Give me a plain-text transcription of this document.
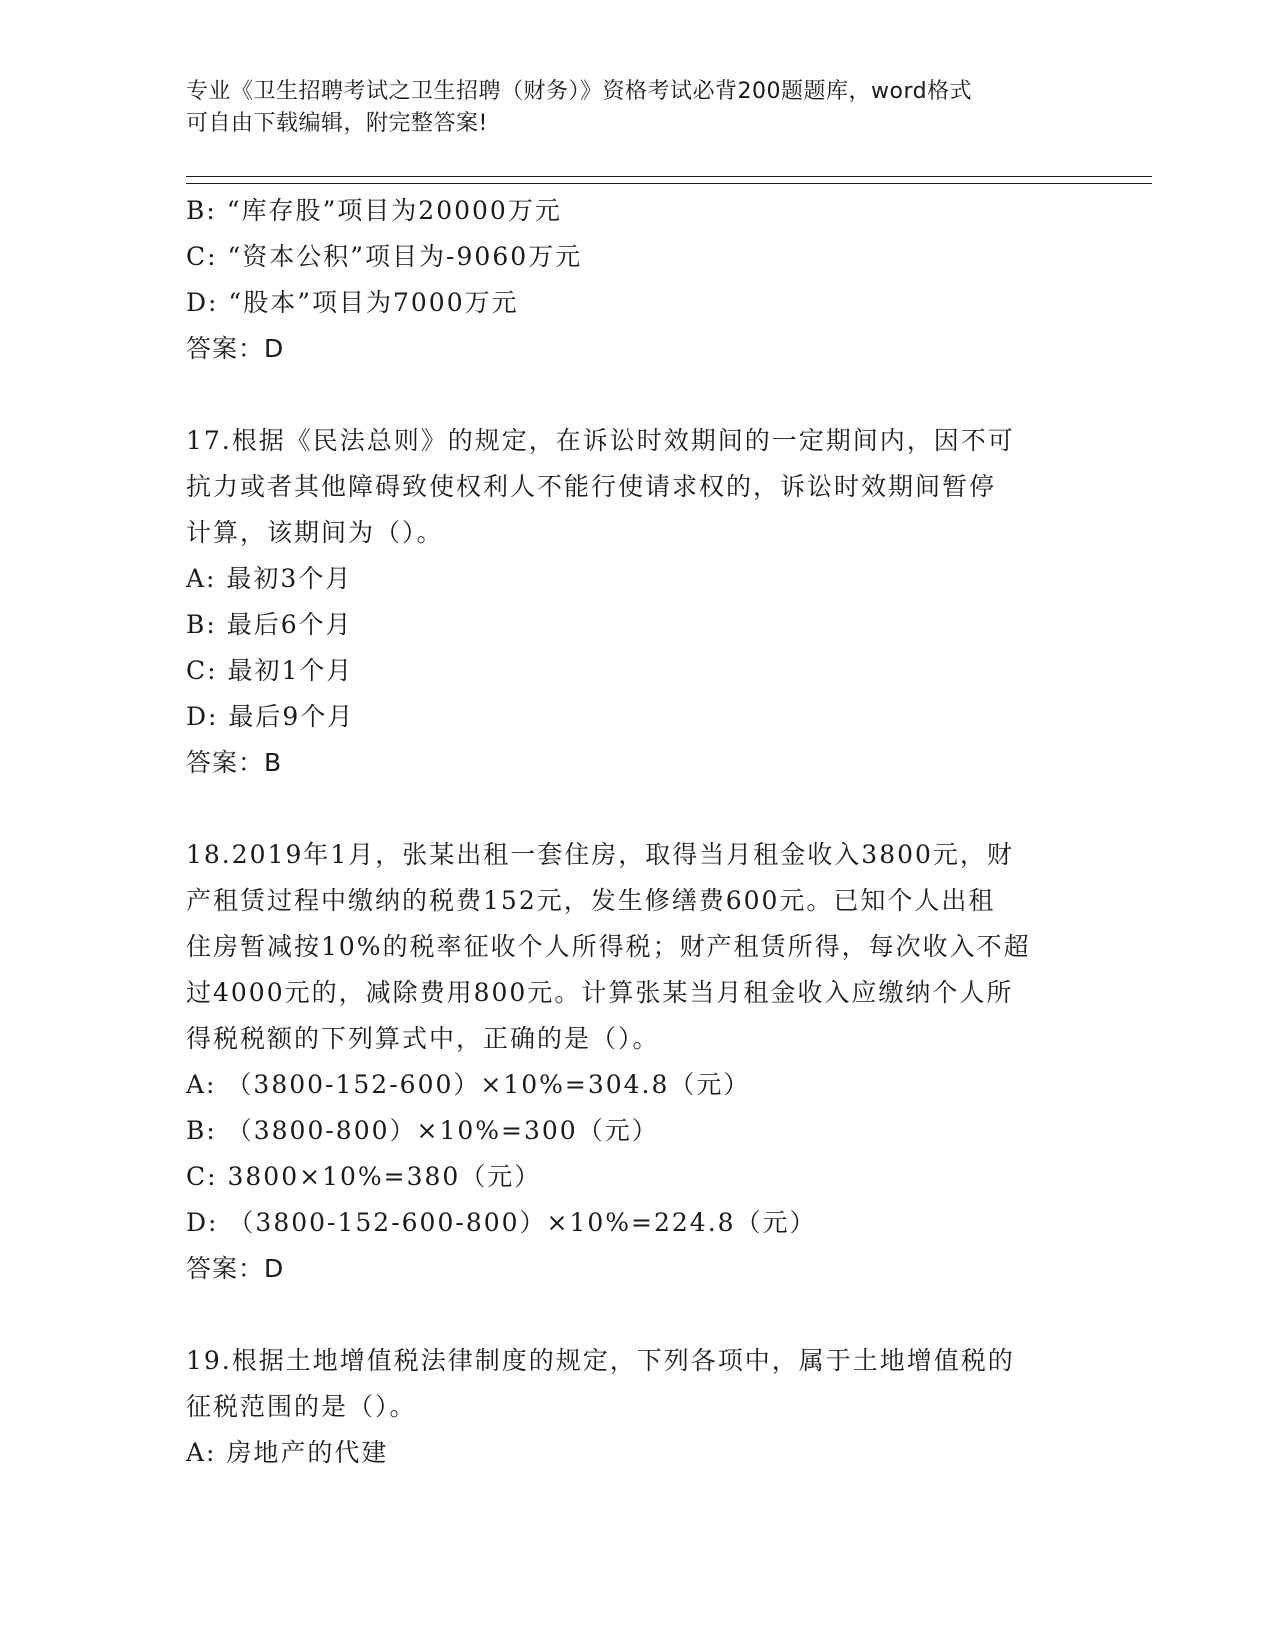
专业《卫生招聘考试之卫生招聘（财务）》资格考试必背200题题库，word格式
可自由下载编辑，附完整答案!
B: “库存股”项目为20000万元
C: “资本公积”项目为-9060万元
D: “股本”项目为7000万元
答案：D
17.根据《民法总则》的规定，在诉讼时效期间的一定期间内，因不可
抗力或者其他障碍致使权利人不能行使请求权的，诉讼时效期间暂停
计算，该期间为（）。
A: 最初3个月
B: 最后6个月
C: 最初1个月
D: 最后9个月
答案：B
18.2019年1月，张某出租一套住房，取得当月租金收入3800元，财
产租赁过程中缴纳的税费152元，发生修缮费600元。已知个人出租
住房暂减按10%的税率征收个人所得税；财产租赁所得，每次收入不超
过4000元的，减除费用800元。计算张某当月租金收入应缴纳个人所
得税税额的下列算式中，正确的是（）。
A: （3800-152-600）×10%=304.8（元）
B: （3800-800）×10%=300（元）
C: 3800×10%=380（元）
D: （3800-152-600-800）×10%=224.8（元）
答案：D
19.根据土地增值税法律制度的规定，下列各项中，属于土地增值税的
征税范围的是（）。
A: 房地产的代建
